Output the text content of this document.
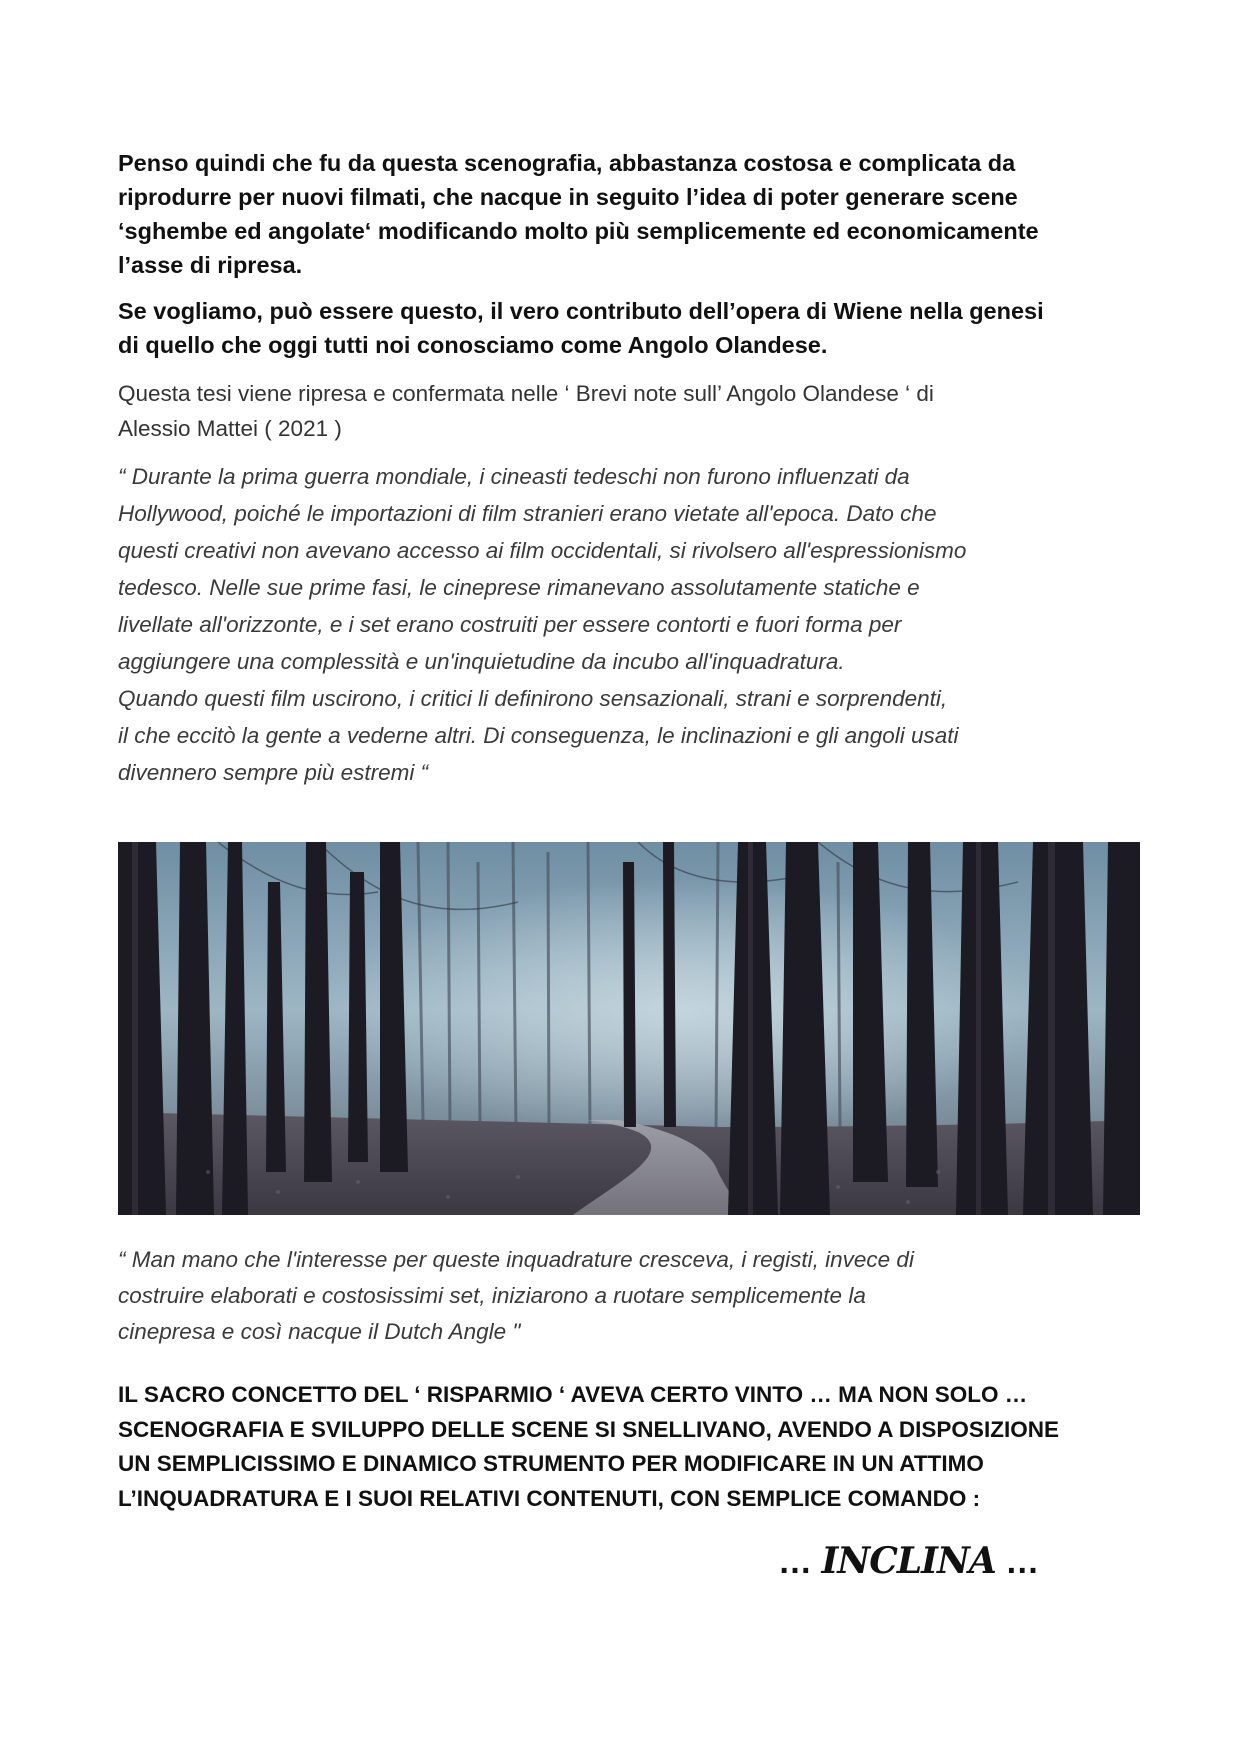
Penso quindi che fu da questa scenografia, abbastanza costosa e complicata da
riprodurre per nuovi filmati, che nacque in seguito l’idea di poter generare scene
‘sghembe ed angolate‘ modificando molto più semplicemente ed economicamente
l’asse di ripresa.

Se vogliamo, può essere questo, il vero contributo dell’opera di Wiene nella genesi
di quello che oggi tutti noi conosciamo come Angolo Olandese.

Questa tesi viene ripresa e confermata nelle ‘ Brevi note sull’ Angolo Olandese ‘ di
Alessio Mattei ( 2021 )

“ Durante la prima guerra mondiale, i cineasti tedeschi non furono influenzati da
Hollywood, poiché le importazioni di film stranieri erano vietate all'epoca. Dato che
questi creativi non avevano accesso ai film occidentali, si rivolsero all'espressionismo
tedesco. Nelle sue prime fasi, le cineprese rimanevano assolutamente statiche e
livellate all'orizzonte, e i set erano costruiti per essere contorti e fuori forma per
aggiungere una complessità e un'inquietudine da incubo all'inquadratura.
Quando questi film uscirono, i critici li definirono sensazionali, strani e sorprendenti,
il che eccitò la gente a vederne altri. Di conseguenza, le inclinazioni e gli angoli usati
divennero sempre più estremi “

“ Man mano che l'interesse per queste inquadrature cresceva, i registi, invece di
costruire elaborati e costosissimi set, iniziarono a ruotare semplicemente la
cinepresa e così nacque il Dutch Angle "

IL SACRO CONCETTO DEL ‘ RISPARMIO ‘ AVEVA CERTO VINTO … MA NON SOLO …
SCENOGRAFIA E SVILUPPO DELLE SCENE SI SNELLIVANO, AVENDO A DISPOSIZIONE
UN SEMPLICISSIMO E DINAMICO STRUMENTO PER MODIFICARE IN UN ATTIMO
L’INQUADRATURA E I SUOI RELATIVI CONTENUTI, CON SEMPLICE COMANDO :

… INCLINA …
